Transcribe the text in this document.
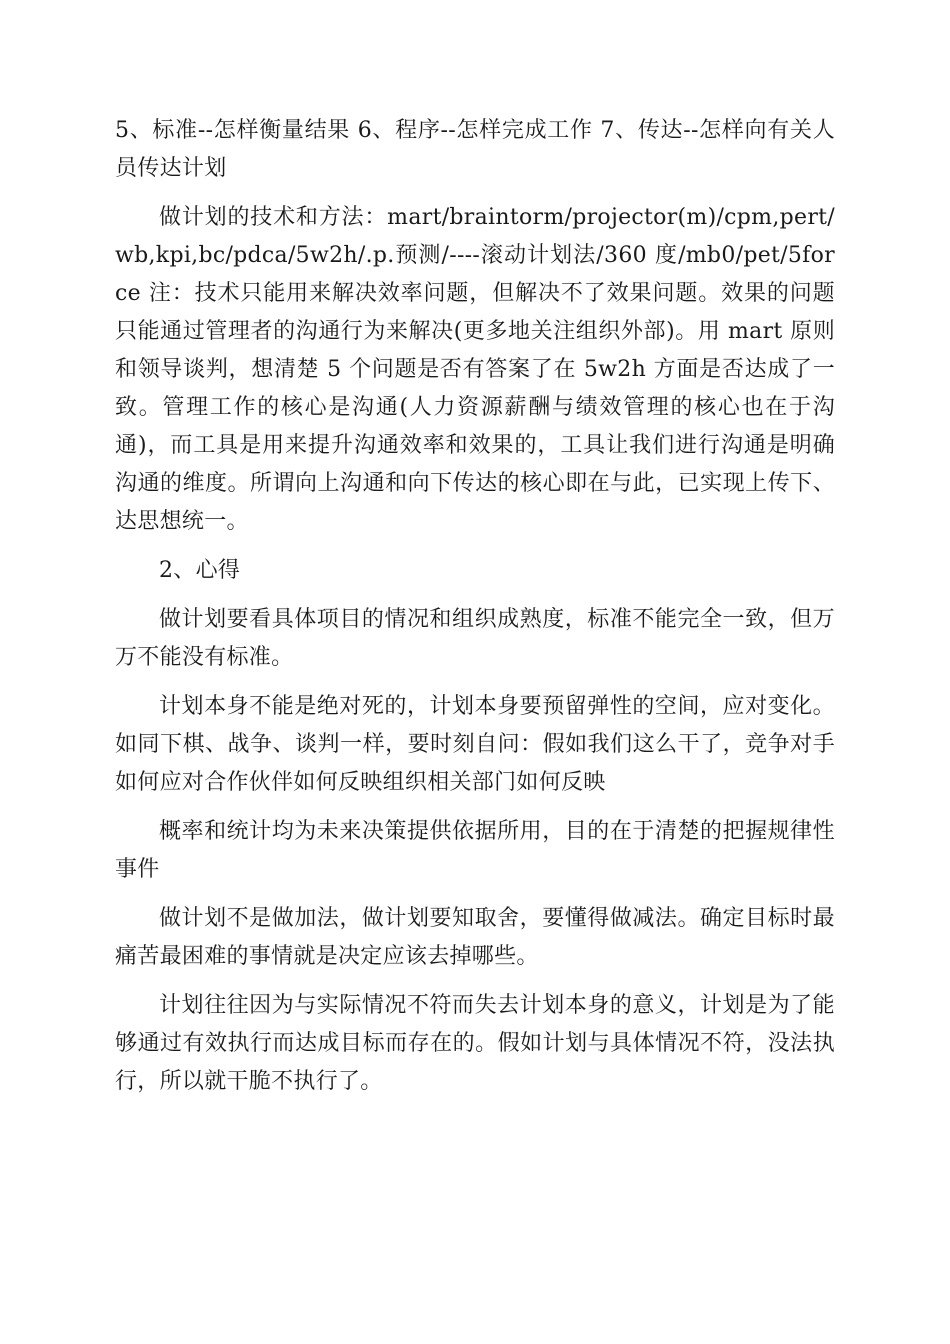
5、标准--怎样衡量结果 6、程序--怎样完成工作 7、传达--怎样向有关人员传达计划

做计划的技术和方法：mart/braintorm/projector(m)/cpm,pert/wb,kpi,bc/pdca/5w2h/.p.预测/----滚动计划法/360 度/mb0/pet/5force 注：技术只能用来解决效率问题，但解决不了效果问题。效果的问题只能通过管理者的沟通行为来解决(更多地关注组织外部)。用 mart 原则和领导谈判，想清楚 5 个问题是否有答案了在 5w2h 方面是否达成了一致。管理工作的核心是沟通(人力资源薪酬与绩效管理的核心也在于沟通)，而工具是用来提升沟通效率和效果的，工具让我们进行沟通是明确沟通的维度。所谓向上沟通和向下传达的核心即在与此，已实现上传下、达思想统一。

2、心得

做计划要看具体项目的情况和组织成熟度，标准不能完全一致，但万万不能没有标准。

计划本身不能是绝对死的，计划本身要预留弹性的空间，应对变化。如同下棋、战争、谈判一样，要时刻自问：假如我们这么干了，竞争对手如何应对合作伙伴如何反映组织相关部门如何反映

概率和统计均为未来决策提供依据所用，目的在于清楚的把握规律性事件

做计划不是做加法，做计划要知取舍，要懂得做减法。确定目标时最痛苦最困难的事情就是决定应该去掉哪些。

计划往往因为与实际情况不符而失去计划本身的意义，计划是为了能够通过有效执行而达成目标而存在的。假如计划与具体情况不符，没法执行，所以就干脆不执行了。
